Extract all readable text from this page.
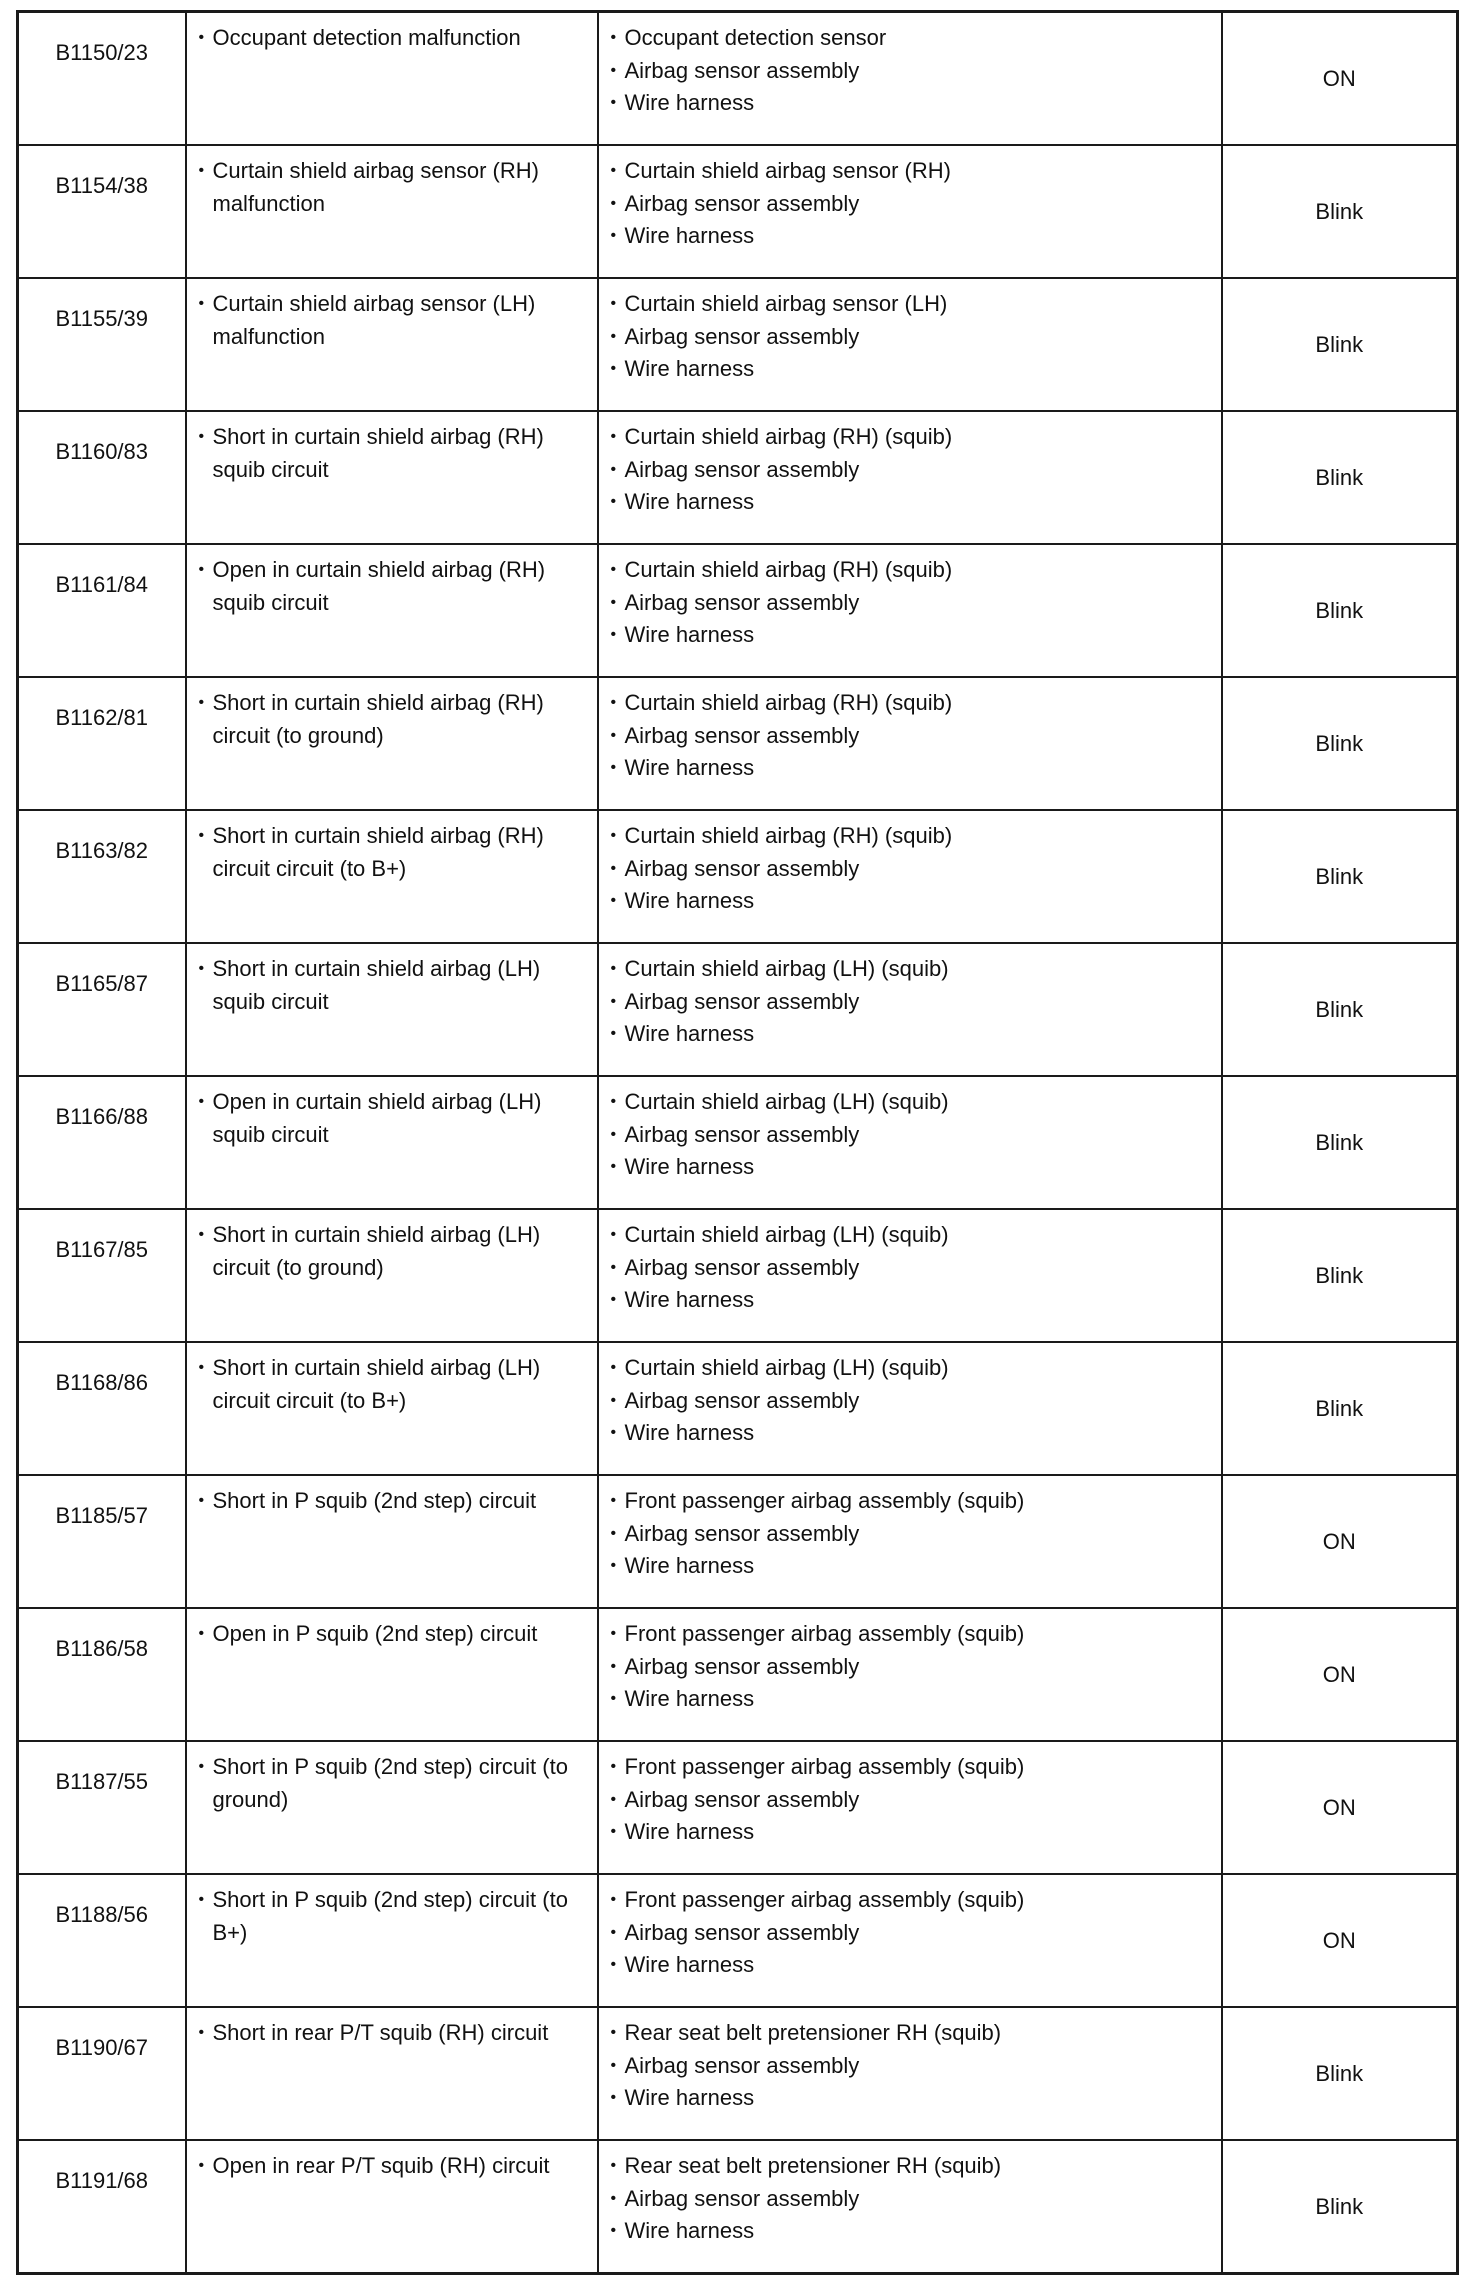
B1150/23	• Occupant detection malfunction	• Occupant detection sensor
• Airbag sensor assembly
• Wire harness	ON
B1154/38	• Curtain shield airbag sensor (RH) malfunction	• Curtain shield airbag sensor (RH)
• Airbag sensor assembly
• Wire harness	Blink
B1155/39	• Curtain shield airbag sensor (LH) malfunction	• Curtain shield airbag sensor (LH)
• Airbag sensor assembly
• Wire harness	Blink
B1160/83	• Short in curtain shield airbag (RH) squib circuit	• Curtain shield airbag (RH) (squib)
• Airbag sensor assembly
• Wire harness	Blink
B1161/84	• Open in curtain shield airbag (RH) squib circuit	• Curtain shield airbag (RH) (squib)
• Airbag sensor assembly
• Wire harness	Blink
B1162/81	• Short in curtain shield airbag (RH) circuit (to ground)	• Curtain shield airbag (RH) (squib)
• Airbag sensor assembly
• Wire harness	Blink
B1163/82	• Short in curtain shield airbag (RH) circuit circuit (to B+)	• Curtain shield airbag (RH) (squib)
• Airbag sensor assembly
• Wire harness	Blink
B1165/87	• Short in curtain shield airbag (LH) squib circuit	• Curtain shield airbag (LH) (squib)
• Airbag sensor assembly
• Wire harness	Blink
B1166/88	• Open in curtain shield airbag (LH) squib circuit	• Curtain shield airbag (LH) (squib)
• Airbag sensor assembly
• Wire harness	Blink
B1167/85	• Short in curtain shield airbag (LH) circuit (to ground)	• Curtain shield airbag (LH) (squib)
• Airbag sensor assembly
• Wire harness	Blink
B1168/86	• Short in curtain shield airbag (LH) circuit circuit (to B+)	• Curtain shield airbag (LH) (squib)
• Airbag sensor assembly
• Wire harness	Blink
B1185/57	• Short in P squib (2nd step) circuit	• Front passenger airbag assembly (squib)
• Airbag sensor assembly
• Wire harness	ON
B1186/58	• Open in P squib (2nd step) circuit	• Front passenger airbag assembly (squib)
• Airbag sensor assembly
• Wire harness	ON
B1187/55	• Short in P squib (2nd step) circuit (to ground)	• Front passenger airbag assembly (squib)
• Airbag sensor assembly
• Wire harness	ON
B1188/56	• Short in P squib (2nd step) circuit (to B+)	• Front passenger airbag assembly (squib)
• Airbag sensor assembly
• Wire harness	ON
B1190/67	• Short in rear P/T squib (RH) circuit	• Rear seat belt pretensioner RH (squib)
• Airbag sensor assembly
• Wire harness	Blink
B1191/68	• Open in rear P/T squib (RH) circuit	• Rear seat belt pretensioner RH (squib)
• Airbag sensor assembly
• Wire harness	Blink
